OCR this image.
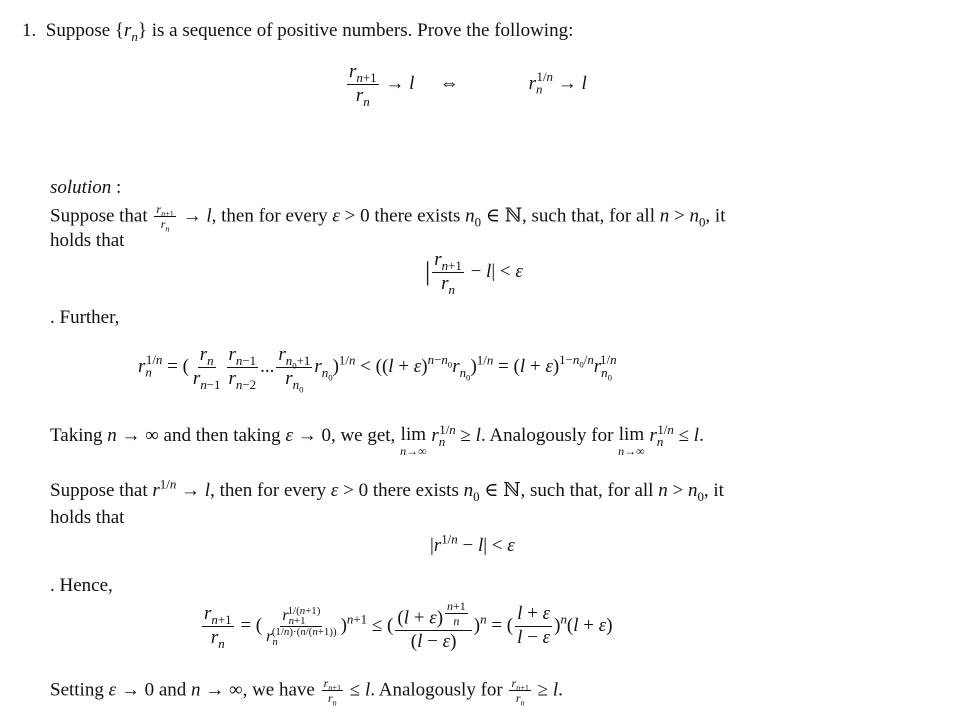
1.  Suppose $\{r_n\}$ is a sequence of positive numbers. Prove the following:
$\frac{r_{n+1}}{r_n} \to l$ ⇔	$r_n^{1/n} \to l$
solution :
Suppose that $\frac{r_{n+1}}{r_n} \to l$, then for every ε > 0 there exists $n_0$ ∈ ℕ, such that, for all $n > n_0$, it
holds that
| $\frac{r_{n+1}}{r_n} - l| < \varepsilon$
. Further,
$r_n^{1/n}$ = ( $\frac{r_n}{r_{n-1}} \frac{r_{n-1}}{r_{n-2}}$ ... $\frac{r_{n_0+1}}{r_{n_0}} r_{n_0})^{1/n} < ((l + \varepsilon)^{n-n_0}r_{n_0})^{1/n} = (l + \varepsilon)^{1-n_0/n}r_{n_0}^{1/n}$
Taking n → ∞ and then taking ε → 0, we get, lim
n→∞
$r_n^{1/n} \ge l$. Analogously for lim
n→∞
$r_n^{1/n} \le l$.
Suppose that $r^{1/n} \to l$, then for every ε > 0 there exists $n_0$ ∈ ℕ, such that, for all $n > n_0$, it
holds that
$|r^{1/n} - l| < \varepsilon$
. Hence,
$\frac{r_{n+1}}{r_n}$ = ( $\frac{r_{n+1}^{1/(n+1)}}{r_n^{(1/n)\cdot(n/(n+1))}} )^{n+1}$ ≤ ( (l + ε) $^{\frac{n+1}{n}}$
(l − ε) )$^n$ = ( $\frac{l + \varepsilon}{l - \varepsilon} )^n(l + \varepsilon)$
Setting ε → 0 and n → ∞, we have $\frac{r_{n+1}}{r_n} \le l$. Analogously for $\frac{r_{n+1}}{r_n} \ge l$.
